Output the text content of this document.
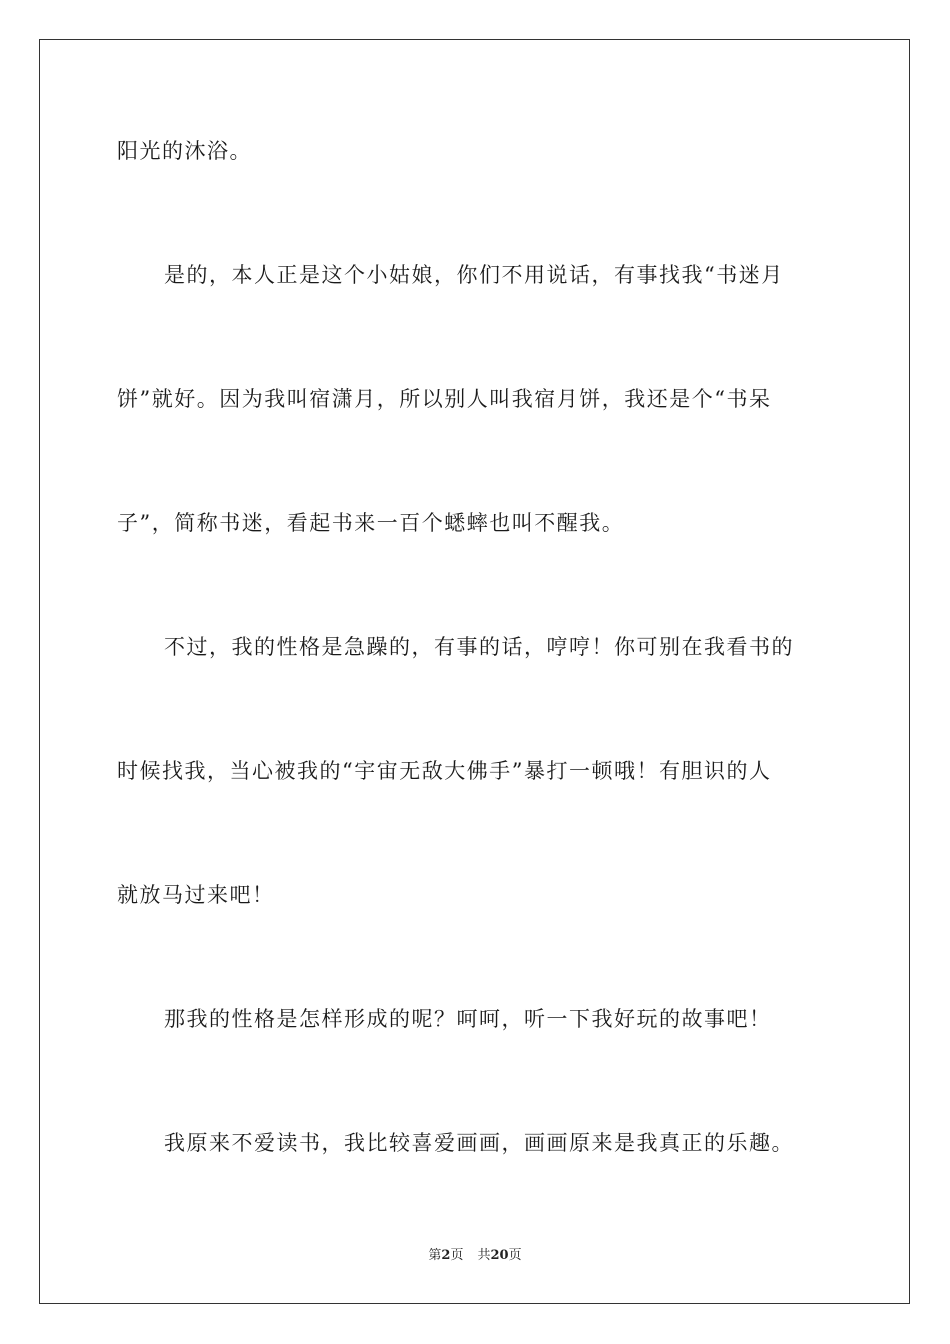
阳光的沐浴。
是的，本人正是这个小姑娘，你们不用说话，有事找我“书迷月
饼”就好。因为我叫宿潇月，所以别人叫我宿月饼，我还是个“书呆
子”，简称书迷，看起书来一百个蟋蟀也叫不醒我。
不过，我的性格是急躁的，有事的话，哼哼！你可别在我看书的
时候找我，当心被我的“宇宙无敌大佛手”暴打一顿哦！有胆识的人
就放马过来吧！
那我的性格是怎样形成的呢？呵呵，听一下我好玩的故事吧！
我原来不爱读书，我比较喜爱画画，画画原来是我真正的乐趣。
第2页 共20页
